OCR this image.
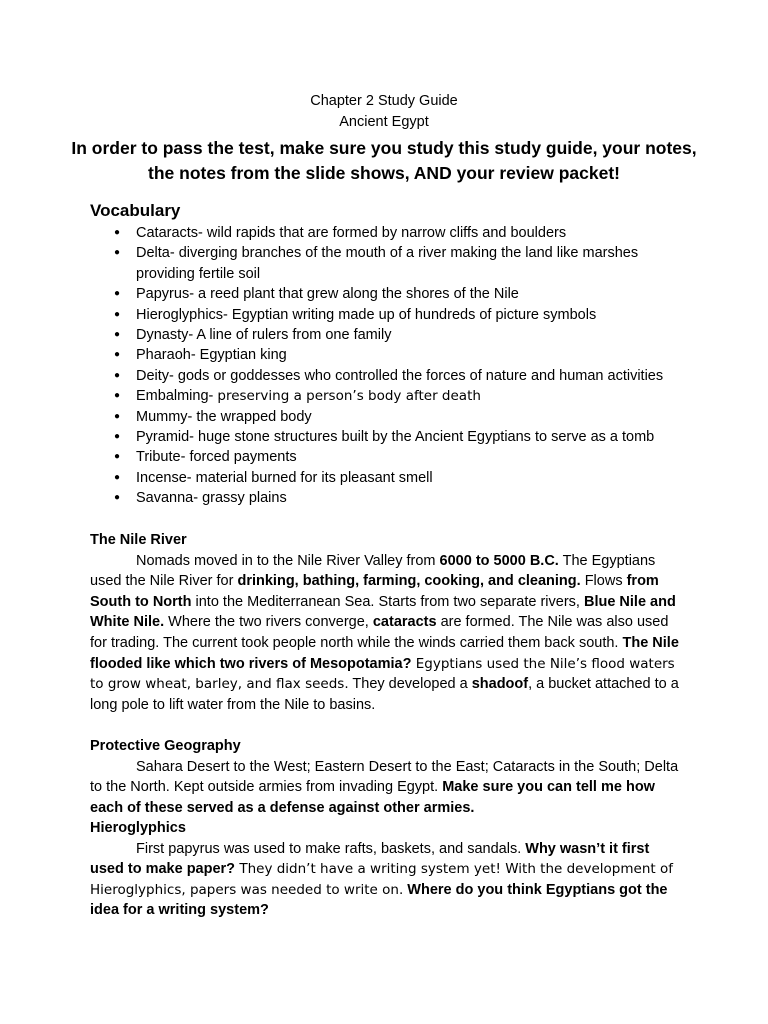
Chapter 2 Study Guide
Ancient Egypt
In order to pass the test, make sure you study this study guide, your notes, the notes from the slide shows, AND your review packet!
Vocabulary
● Cataracts- wild rapids that are formed by narrow cliffs and boulders
● Delta- diverging branches of the mouth of a river making the land like marshes providing fertile soil
● Papyrus- a reed plant that grew along the shores of the Nile
● Hieroglyphics- Egyptian writing made up of hundreds of picture symbols
● Dynasty- A line of rulers from one family
● Pharaoh- Egyptian king
● Deity- gods or goddesses who controlled the forces of nature and human activities
● Embalming- preserving a person’s body after death
● Mummy- the wrapped body
● Pyramid- huge stone structures built by the Ancient Egyptians to serve as a tomb
● Tribute- forced payments
● Incense- material burned for its pleasant smell
● Savanna- grassy plains
The Nile River

Nomads moved in to the Nile River Valley from 6000 to 5000 B.C. The Egyptians used the Nile River for drinking, bathing, farming, cooking, and cleaning. Flows from South to North into the Mediterranean Sea. Starts from two separate rivers, Blue Nile and White Nile. Where the two rivers converge, cataracts are formed. The Nile was also used for trading. The current took people north while the winds carried them back south. The Nile flooded like which two rivers of Mesopotamia? Egyptians used the Nile’s flood waters to grow wheat, barley, and flax seeds. They developed a shadoof, a bucket attached to a long pole to lift water from the Nile to basins.

Protective Geography

Sahara Desert to the West; Eastern Desert to the East; Cataracts in the South; Delta to the North. Kept outside armies from invading Egypt. Make sure you can tell me how each of these served as a defense against other armies.

Hieroglyphics

First papyrus was used to make rafts, baskets, and sandals. Why wasn’t it first used to make paper? They didn’t have a writing system yet! With the development of Hieroglyphics, papers was needed to write on. Where do you think Egyptians got the idea for a writing system?
